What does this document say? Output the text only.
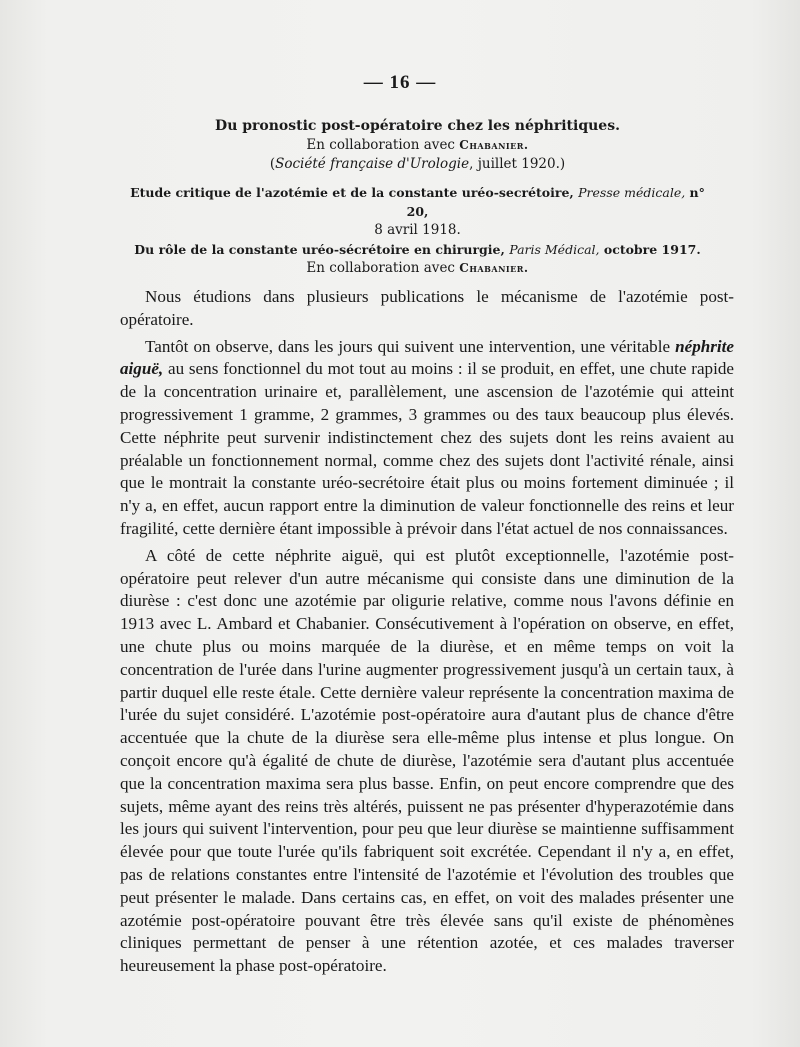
— 16 —
Du pronostic post-opératoire chez les néphritiques.
En collaboration avec Chabanier.
(Société française d'Urologie, juillet 1920.)
Etude critique de l'azotémie et de la constante uréo-secrétoire, Presse médicale, n° 20,
8 avril 1918.
Du rôle de la constante uréo-sécrétoire en chirurgie, Paris Médical, octobre 1917.
En collaboration avec Chabanier.

Nous étudions dans plusieurs publications le mécanisme de l'azotémie post-opératoire.

Tantôt on observe, dans les jours qui suivent une intervention, une véritable néphrite aiguë, au sens fonctionnel du mot tout au moins : il se produit, en effet, une chute rapide de la concentration urinaire et, parallèlement, une ascension de l'azotémie qui atteint progressivement 1 gramme, 2 grammes, 3 grammes ou des taux beaucoup plus élevés. Cette néphrite peut survenir indistinctement chez des sujets dont les reins avaient au préalable un fonctionnement normal, comme chez des sujets dont l'activité rénale, ainsi que le montrait la constante uréo-secrétoire était plus ou moins fortement diminuée ; il n'y a, en effet, aucun rapport entre la diminution de valeur fonctionnelle des reins et leur fragilité, cette dernière étant impossible à prévoir dans l'état actuel de nos connaissances.

A côté de cette néphrite aiguë, qui est plutôt exceptionnelle, l'azotémie post-opératoire peut relever d'un autre mécanisme qui consiste dans une diminution de la diurèse : c'est donc une azotémie par oligurie relative, comme nous l'avons définie en 1913 avec L. Ambard et Chabanier. Consécutivement à l'opération on observe, en effet, une chute plus ou moins marquée de la diurèse, et en même temps on voit la concentration de l'urée dans l'urine augmenter progressivement jusqu'à un certain taux, à partir duquel elle reste étale. Cette dernière valeur représente la concentration maxima de l'urée du sujet considéré. L'azotémie post-opératoire aura d'autant plus de chance d'être accentuée que la chute de la diurèse sera elle-même plus intense et plus longue. On conçoit encore qu'à égalité de chute de diurèse, l'azotémie sera d'autant plus accentuée que la concentration maxima sera plus basse. Enfin, on peut encore comprendre que des sujets, même ayant des reins très altérés, puissent ne pas présenter d'hyperazotémie dans les jours qui suivent l'intervention, pour peu que leur diurèse se maintienne suffisamment élevée pour que toute l'urée qu'ils fabriquent soit excrétée. Cependant il n'y a, en effet, pas de relations constantes entre l'intensité de l'azotémie et l'évolution des troubles que peut présenter le malade. Dans certains cas, en effet, on voit des malades présenter une azotémie post-opératoire pouvant être très élevée sans qu'il existe de phénomènes cliniques permettant de penser à une rétention azotée, et ces malades traverser heureusement la phase post-opératoire.
